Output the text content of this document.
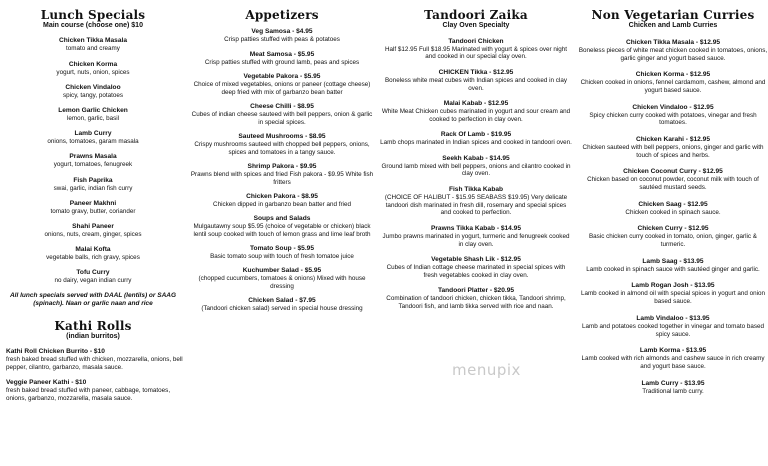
Lunch Specials
Main course (choose one) $10
Chicken Tikka Masala
tomato and creamy
Chicken Korma
yogurt, nuts, onion, spices
Chicken Vindaloo
spicy, tangy, potatoes
Lemon Garlic Chicken
lemon, garlic, basil
Lamb Curry
onions, tomatoes, garam masala
Prawns Masala
yogurt, tomatoes, fenugreek
Fish Paprika
swai, garlic, indian fish curry
Paneer Makhni
tomato gravy, butter, coriander
Shahi Paneer
onions, nuts, cream, ginger, spices
Malai Kofta
vegetable balls, rich gravy, spices
Tofu Curry
no dairy, vegan indian curry
All lunch specials served with DAAL (lentils) or SAAG (spinach). Naan or garlic naan and rice
Kathi Rolls
(indian burritos)
Kathi Roll Chicken Burrito - $10
fresh baked bread stuffed with chicken, mozzarella, onions, bell pepper, cilantro, garbanzo, masala sauce.
Veggie Paneer Kathi - $10
fresh baked bread stuffed with paneer, cabbage, tomatoes, onions, garbanzo, mozzarella, masala sauce.
Appetizers
Veg Samosa - $4.95
Crisp patties stuffed with peas & potatoes
Meat Samosa - $5.95
Crisp patties stuffed with ground lamb, peas and spices
Vegetable Pakora - $5.95
Choice of mixed vegetables, onions or paneer (cottage cheese) deep fried with mix of garbanzo bean batter
Cheese Chilli - $8.95
Cubes of indian cheese sauteed with bell peppers, onion & garlic in special spices.
Sauteed Mushrooms - $8.95
Crispy mushrooms sauteed with chopped bell peppers, onions, spices and tomatoes in a tangy sauce.
Shrimp Pakora - $9.95
Prawns blend with spices and fried Fish pakora - $9.95 White fish fritters
Chicken Pakora - $8.95
Chicken dipped in garbanzo bean batter and fried
Soups and Salads
Mulgautawny soup $5.95 (choice of vegetable or chicken) black lentil soup cooked with touch of lemon grass and lime leaf broth
Tomato Soup - $5.95
Basic tomato soup with touch of fresh tomatoe juice
Kuchumber Salad - $5.95
(chopped cucumbers, tomatoes & onions) Mixed with house dressing
Chicken Salad - $7.95
(Tandoori chicken salad) served in special house dressing
Tandoori Zaika
Clay Oven Specialty
Tandoori Chicken
Half $12.95 Full $18.95 Marinated with yogurt & spices over night and cooked in our special clay oven.
CHICKEN Tikka - $12.95
Boneless white meat cubes with Indian spices and cooked in clay oven.
Malai Kabab - $12.95
White Meat Chicken cubes marinated in yogurt and sour cream and cooked to perfection in clay oven.
Rack Of Lamb - $19.95
Lamb chops marinated in Indian spices and cooked in tandoori oven.
Seekh Kabab - $14.95
Ground lamb mixed with bell peppers, onions and cilantro cooked in clay oven.
Fish Tikka Kabab
(CHOICE OF HALIBUT - $15.95 SEABASS $19.95) Very delicate tandoori dish marinated in fresh dill, rosemary and special spices and cooked to perfection.
Prawns Tikka Kabab - $14.95
Jumbo prawns marinated in yogurt, turmeric and fenugreek cooked in clay oven.
Vegetable Shash Lik - $12.95
Cubes of Indian cottage cheese marinated in special spices with fresh vegetables cooked in clay oven.
Tandoori Platter - $20.95
Combination of tandoori chicken, chicken tikka, Tandoori shrimp, Tandoori fish, and lamb tikka served with rice and naan.
Non Vegetarian Curries
Chicken and Lamb Curries
Chicken Tikka Masala - $12.95
Boneless pieces of white meat chicken cooked in tomatoes, onions, garlic ginger and yogurt based sauce.
Chicken Korma - $12.95
Chicken cooked in onions, fennel cardamom, cashew, almond and yogurt based sauce.
Chicken Vindaloo - $12.95
Spicy chicken curry cooked with potatoes, vinegar and fresh tomatoes.
Chicken Karahi - $12.95
Chicken sauteed with bell peppers, onions, ginger and garlic with touch of spices and herbs.
Chicken Coconut Curry - $12.95
Chicken based on coconut powder, coconut milk with touch of sautéed mustard seeds.
Chicken Saag - $12.95
Chicken cooked in spinach sauce.
Chicken Curry - $12.95
Basic chicken curry cooked in tomato, onion, ginger, garlic & turmeric.
Lamb Saag - $13.95
Lamb cooked in spinach sauce with sautéed ginger and garlic.
Lamb Rogan Josh - $13.95
Lamb cooked in almond oil with special spices in yogurt and onion based sauce.
Lamb Vindaloo - $13.95
Lamb and potatoes cooked together in vinegar and tomato based spicy sauce.
Lamb Korma - $13.95
Lamb cooked with rich almonds and cashew sauce in rich creamy and yogurt base sauce.
Lamb Curry - $13.95
Traditional lamb curry.
menupix
